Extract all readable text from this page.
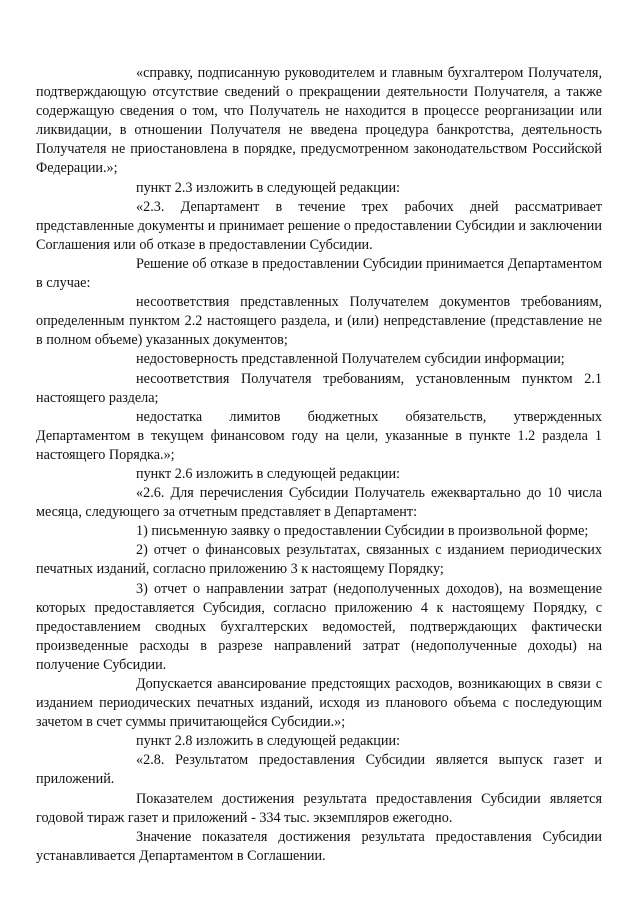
«справку, подписанную руководителем и главным бухгалтером Получателя, подтверждающую отсутствие сведений о прекращении деятельности Получателя, а также содержащую сведения о том, что Получатель не находится в процессе реорганизации или ликвидации, в отношении Получателя не введена процедура банкротства, деятельность Получателя не приостановлена в порядке, предусмотренном законодательством Российской Федерации.»;

пункт 2.3 изложить в следующей редакции:

«2.3. Департамент в течение трех рабочих дней рассматривает представленные документы и принимает решение о предоставлении Субсидии и заключении Соглашения или об отказе в предоставлении Субсидии.

Решение об отказе в предоставлении Субсидии принимается Департаментом в случае:

несоответствия представленных Получателем документов требованиям, определенным пунктом 2.2 настоящего раздела, и (или) непредставление (представление не в полном объеме) указанных документов;

недостоверность представленной Получателем субсидии информации;

несоответствия Получателя требованиям, установленным пунктом 2.1 настоящего раздела;

недостатка лимитов бюджетных обязательств, утвержденных Департаментом в текущем финансовом году на цели, указанные в пункте 1.2 раздела 1 настоящего Порядка.»;

пункт 2.6 изложить в следующей редакции:

«2.6. Для перечисления Субсидии Получатель ежеквартально до 10 числа месяца, следующего за отчетным представляет в Департамент:

1) письменную заявку о предоставлении Субсидии в произвольной форме;

2) отчет о финансовых результатах, связанных с изданием периодических печатных изданий, согласно приложению 3 к настоящему Порядку;

3) отчет о направлении затрат (недополученных доходов), на возмещение которых предоставляется Субсидия, согласно приложению 4 к настоящему Порядку, с предоставлением сводных бухгалтерских ведомостей, подтверждающих фактически произведенные расходы в разрезе направлений затрат (недополученные доходы) на получение Субсидии.

Допускается авансирование предстоящих расходов, возникающих в связи с изданием периодических печатных изданий, исходя из планового объема с последующим зачетом в счет суммы причитающейся Субсидии.»;

пункт 2.8 изложить в следующей редакции:

«2.8. Результатом предоставления Субсидии является выпуск газет и приложений.

Показателем достижения результата предоставления Субсидии является годовой тираж газет и приложений - 334 тыс. экземпляров ежегодно.

Значение показателя достижения результата предоставления Субсидии устанавливается Департаментом в Соглашении.
